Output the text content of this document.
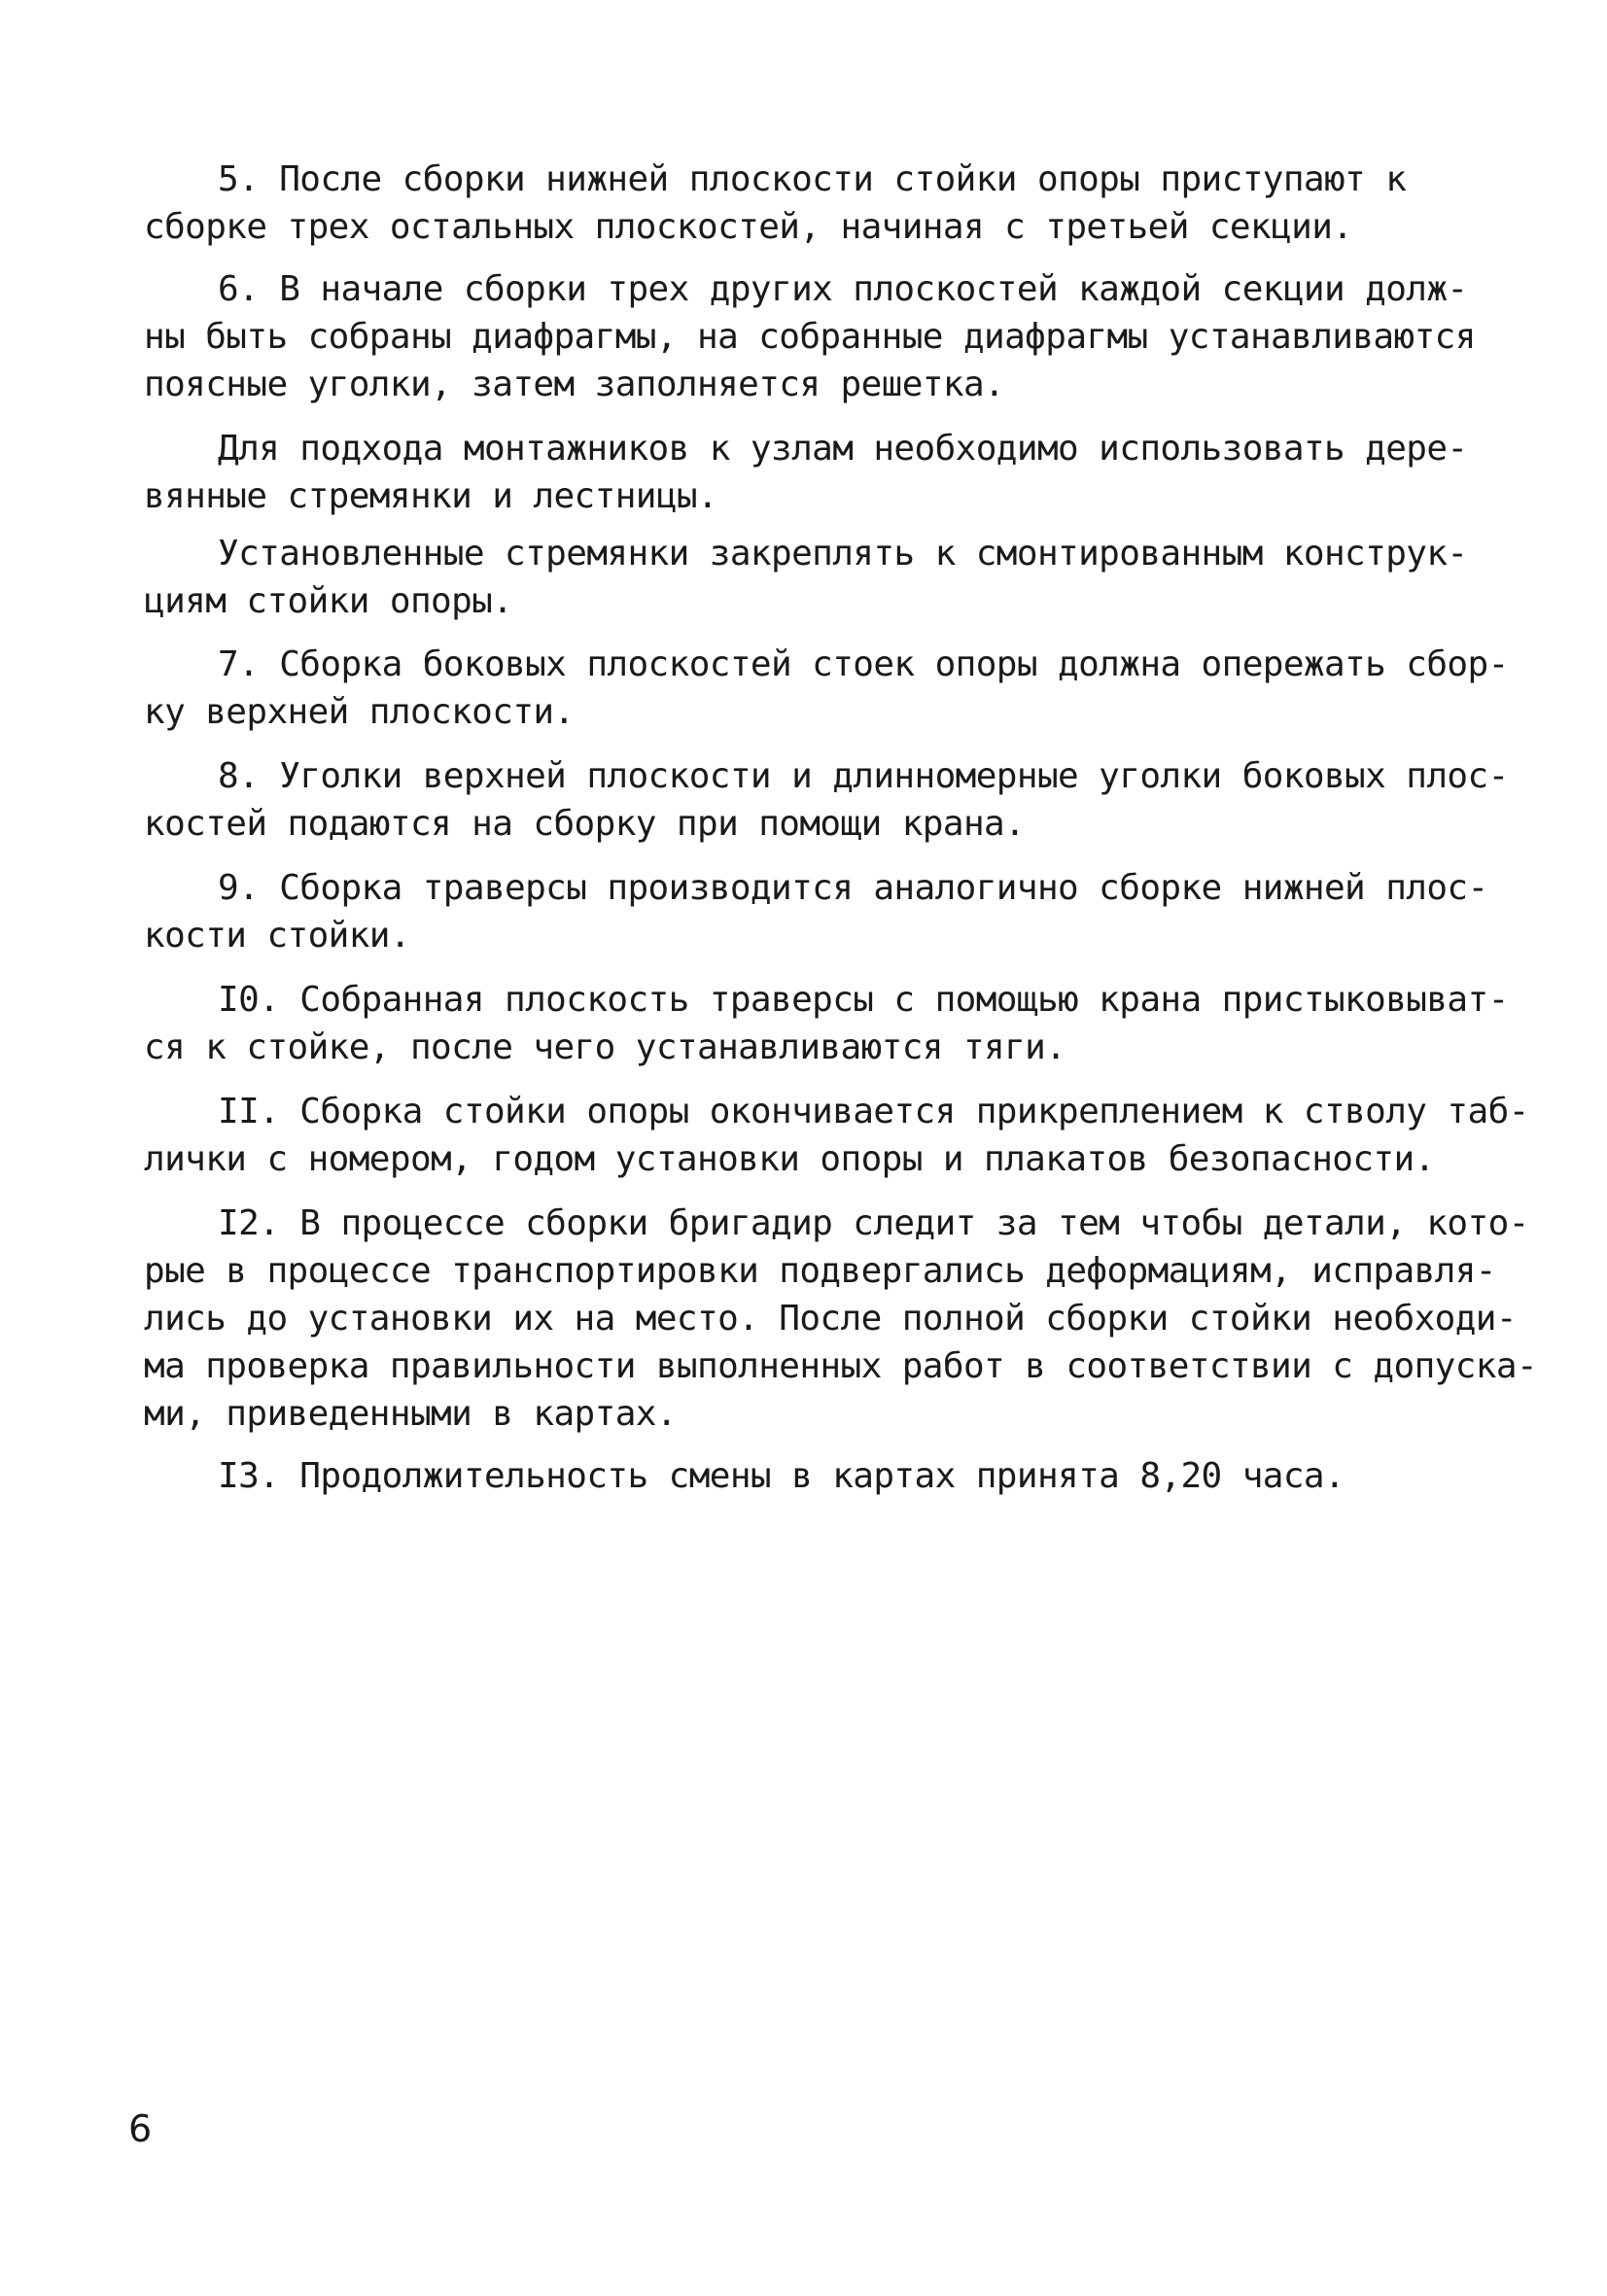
5. После сборки нижней плоскости стойки опоры приступают к
сборке трех остальных плоскостей, начиная с третьей секции.
6. В начале сборки трех других плоскостей каждой секции долж-
ны быть собраны диафрагмы, на собранные диафрагмы устанавливаются
поясные уголки, затем заполняется решетка.
Для подхода монтажников к узлам необходимо использовать дере-
вянные стремянки и лестницы.
Установленные стремянки закреплять к смонтированным конструк-
циям стойки опоры.
7. Сборка боковых плоскостей стоек опоры должна опережать сбор-
ку верхней плоскости.
8. Уголки верхней плоскости и длинномерные уголки боковых плос-
костей подаются на сборку при помощи крана.
9. Сборка траверсы производится аналогично сборке нижней плос-
кости стойки.
I0. Собранная плоскость траверсы с помощью крана пристыковыват-
ся к стойке, после чего устанавливаются тяги.
II. Сборка стойки опоры окончивается прикреплением к стволу таб-
лички с номером, годом установки опоры и плакатов безопасности.
I2. В процессе сборки бригадир следит за тем чтобы детали, кото-
рые в процессе транспортировки подвергались деформациям, исправля-
лись до установки их на место. После полной сборки стойки необходи-
ма проверка правильности выполненных работ в соответствии с допуска-
ми, приведенными в картах.
I3. Продолжительность смены в картах принята 8,20 часа.
6
